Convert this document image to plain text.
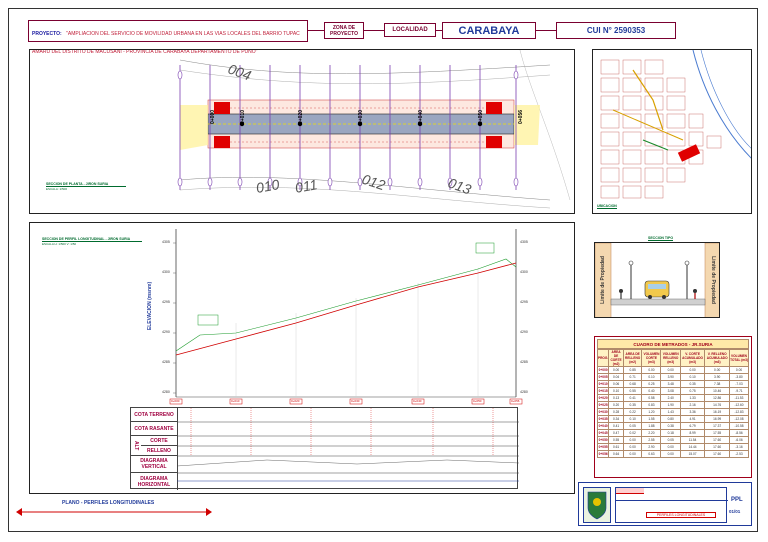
PROYECTO: "AMPLIACION DEL SERVICIO DE MOVILIDAD URBANA EN LAS VIAS LOCALES DEL BARRIO TUPAC AMARU DEL DISTRITO DE MACUSANI - PROVINCIA DE CARABAYA DEPARTAMENTO DE PUNO"
ZONA DE PROYECTO
LOCALIDAD	CARABAYA	CUI N° 2590353
004
010 011	012	013
0+000	0+010	0+020	0+030	0+040	0+050	0+056
SECCION DE PLANTA - JIRON SURIA
ESCALA: 1/500
UBICACION
SECCION TIPO
Limite de Propiedad	Limite de Propiedad
SECCION DE PERFIL LONGITUDINAL - JIRON SURIA
ESCALA H: 1/500 V: 1/50
ELEVACION (msnm)
4305
4300
4295
4290
4285
4280
4305
4300
4295
4290
4285
4280
0+000	0+010	0+020	0+030	0+040	0+050	0+056
COTA TERRENO
COTA RASANTE
ALT
CORTE
RELLENO
DIAGRAMA VERTICAL
DIAGRAMA HORIZONTAL
CUADRO DE METRADOS - JR.SURIA
PROG.	AREA DE CORTE (m2)	AREA DE RELLENO (m2)	VOLUMEN CORTE (m3)	VOLUMEN RELLENO (m3)	V. CORTE ACUMULADO (m3)	V. RELLENO ACUMULADO (m3)	VOLUMEN TOTAL (m3)
0+000	0.00	0.85	0.00	0.00	0.00	0.00	0.00
0+005	0.04	0.71	0.10	3.90	0.10	3.90	-3.80
0+010	0.06	0.68	0.25	3.48	0.35	7.38	-7.03
0+015	0.10	0.55	0.40	3.08	0.75	10.46	-9.71
0+020	0.13	0.41	0.58	2.40	1.33	12.86	-11.53
0+025	0.20	0.35	0.83	1.90	2.16	14.76	-12.60
0+030	0.28	0.22	1.20	1.43	3.36	16.19	-12.83
0+035	0.34	0.10	1.55	0.80	4.91	16.99	-12.08
0+040	0.41	0.05	1.88	0.38	6.79	17.37	-10.58
0+045	0.47	0.02	2.20	0.18	8.99	17.55	-8.56
0+050	0.55	0.00	2.55	0.05	11.54	17.60	-6.06
0+055	0.61	0.00	2.90	0.00	14.44	17.60	-3.16
0+056	0.64	0.00	0.63	0.00	15.07	17.60	-2.53
PLANO - PERFILES LONGITUDINALES
PERFILES LONGITUDINALES
PPL
01/01
